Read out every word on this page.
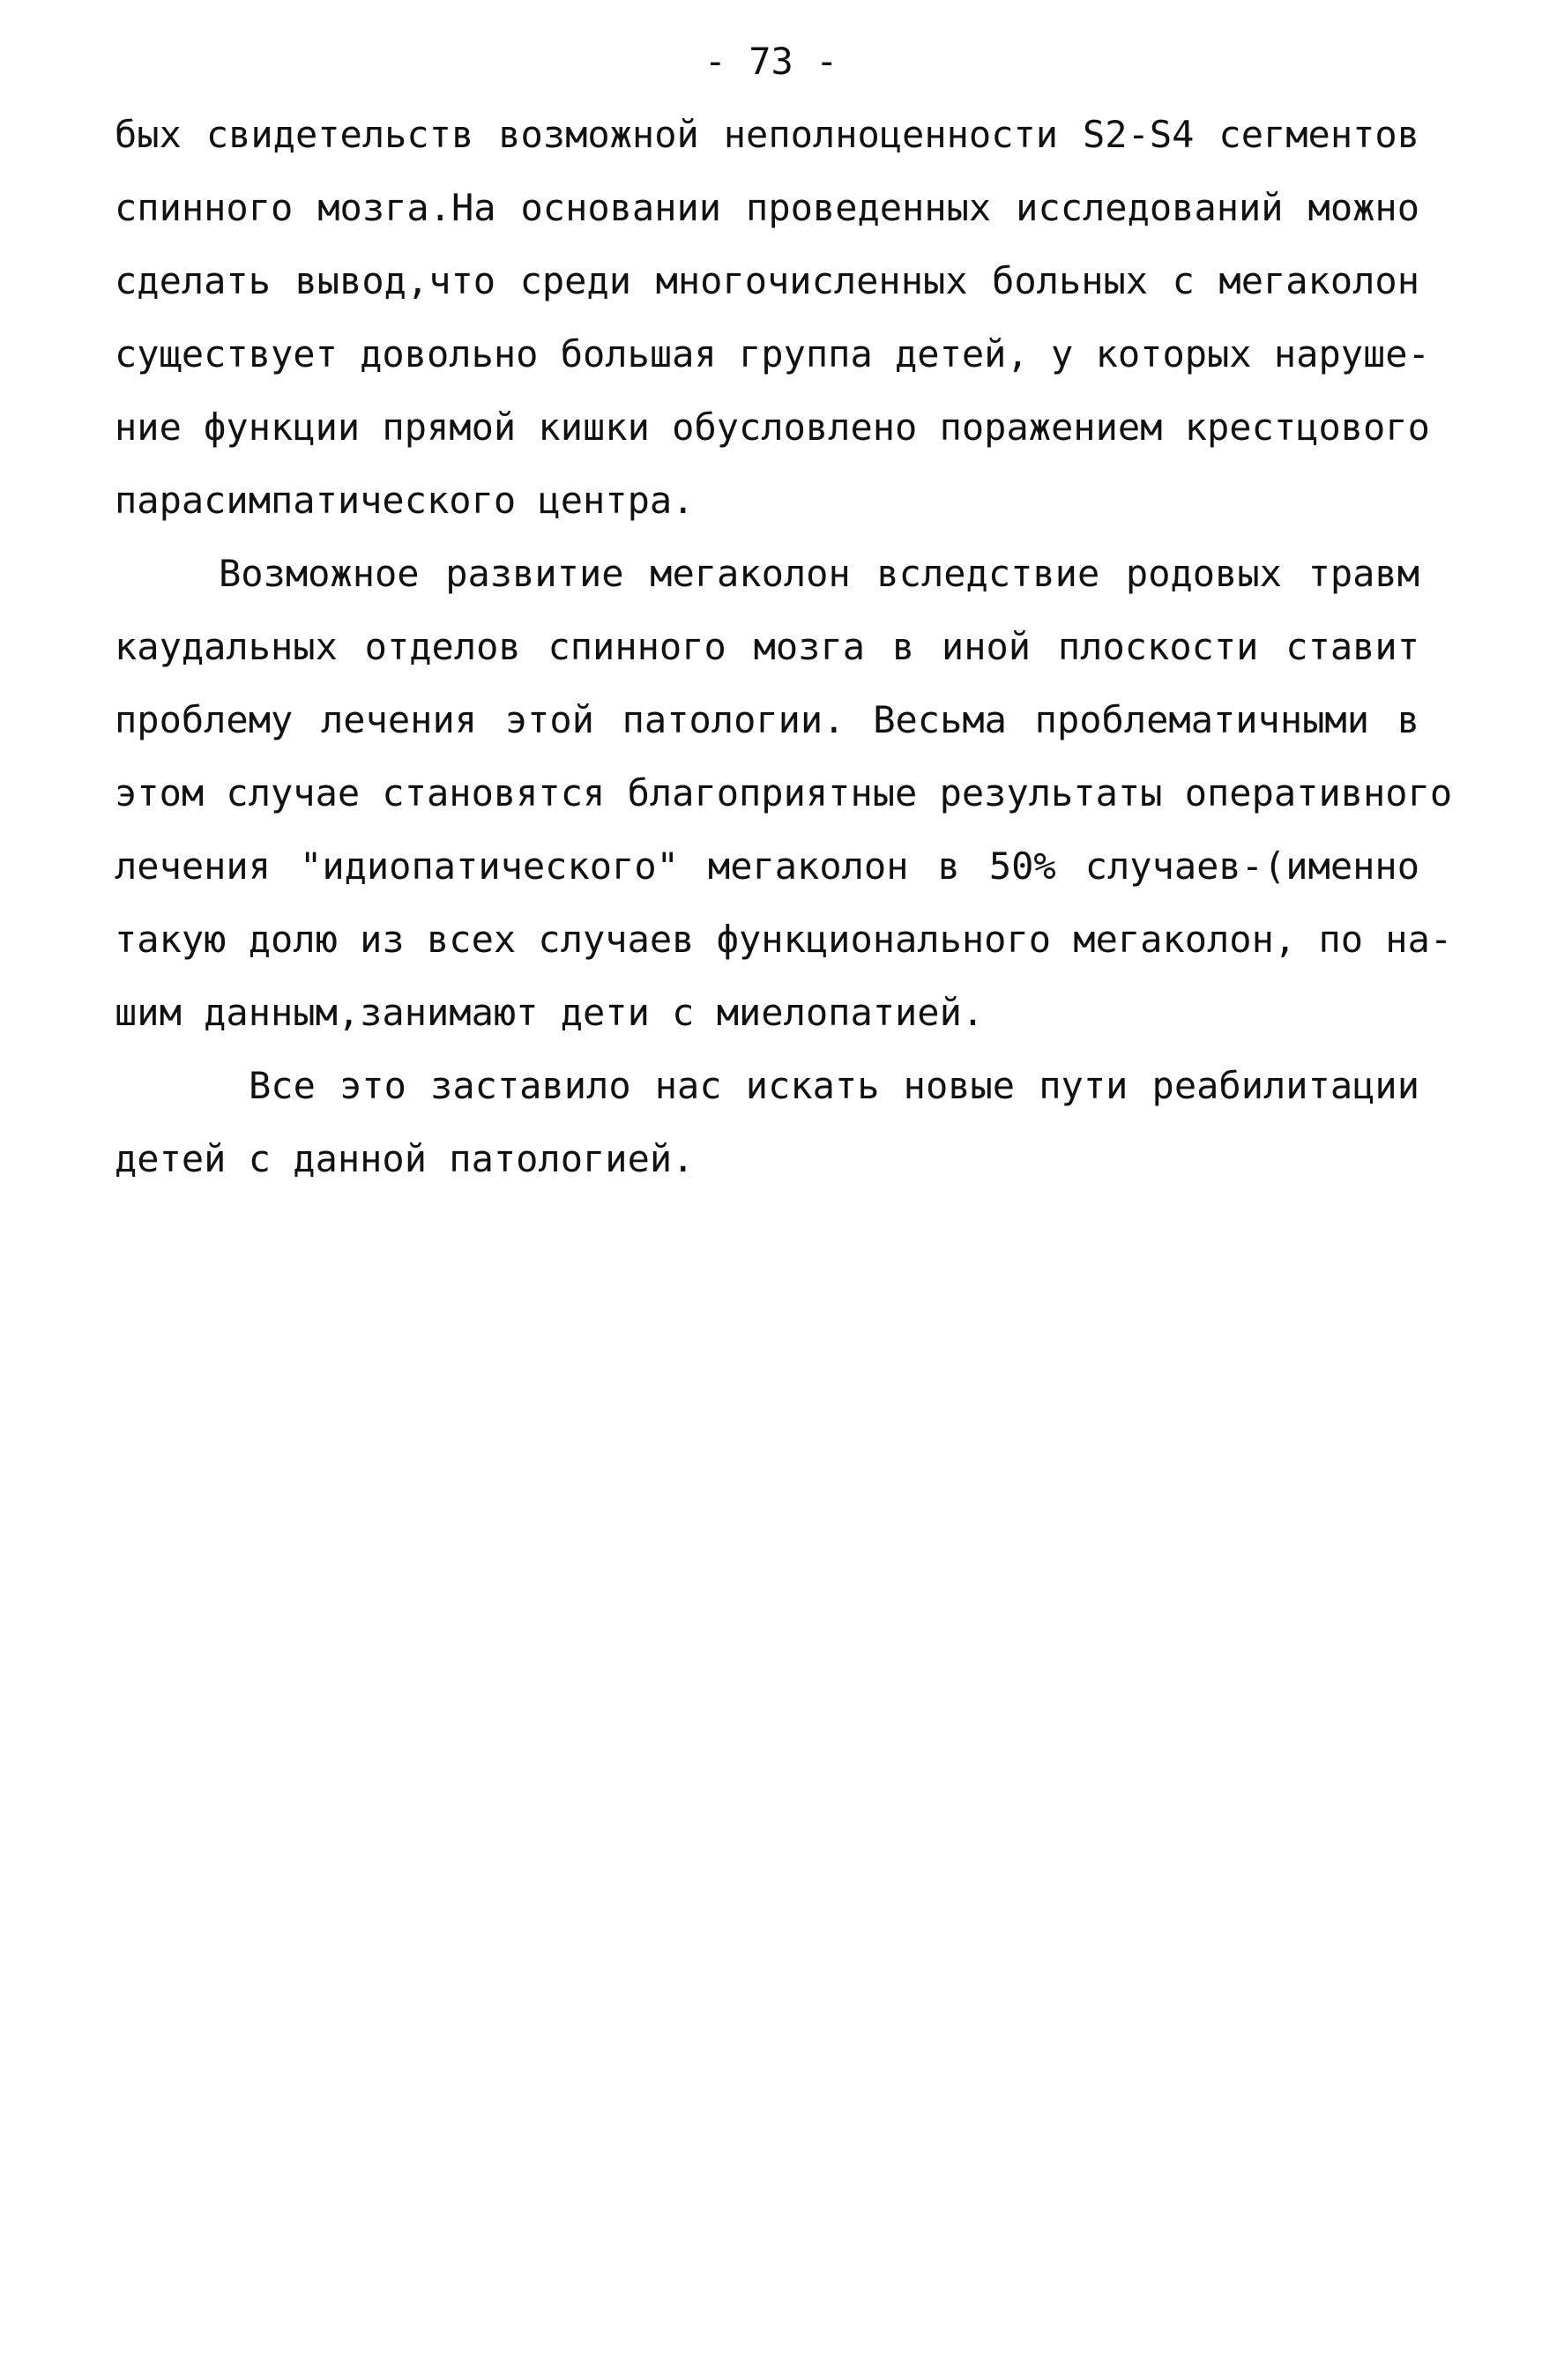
- 73 -
бых свидетельств возможной неполноценности S2-S4 сегментов
спинного мозга.На основании проведенных исследований можно
сделать вывод,что среди многочисленных больных с мегаколон
существует довольно большая группа детей, у которых наруше-
ние функции прямой кишки обусловлено поражением крестцового
парасимпатического центра.
Возможное развитие мегаколон вследствие родовых травм
каудальных отделов спинного мозга в иной плоскости ставит
проблему лечения этой патологии. Весьма проблематичными в
этом случае становятся благоприятные результаты оперативного
лечения "идиопатического" мегаколон в 50% случаев-(именно
такую долю из всех случаев функционального мегаколон, по на-
шим данным,занимают дети с миелопатией.
Все это заставило нас искать новые пути реабилитации
детей с данной патологией.
